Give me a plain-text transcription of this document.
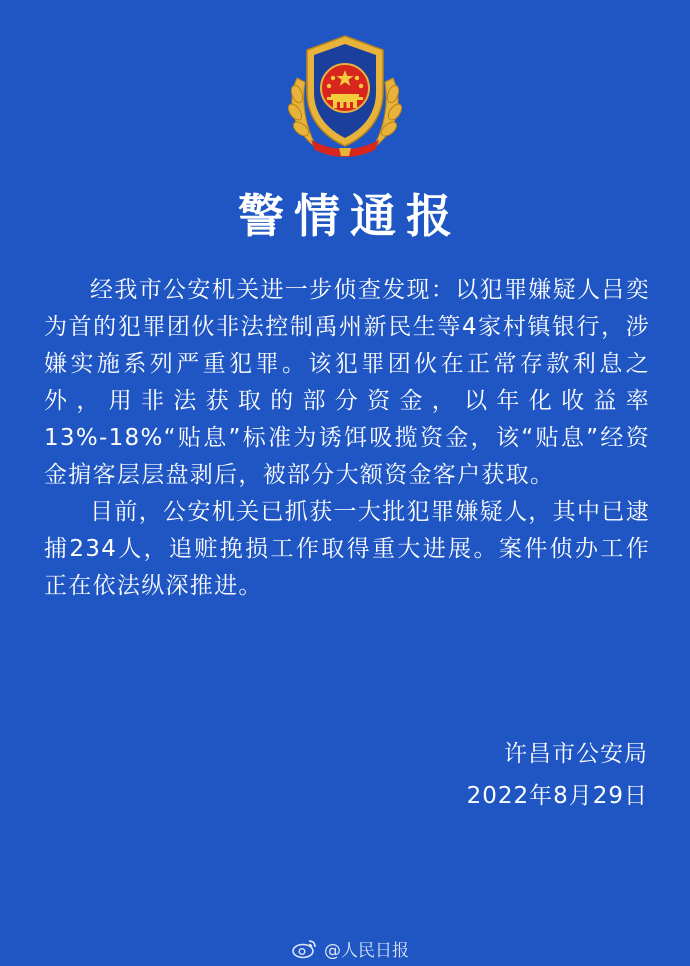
警情通报

经我市公安机关进一步侦查发现：以犯罪嫌疑人吕奕为首的犯罪团伙非法控制禹州新民生等4家村镇银行，涉嫌实施系列严重犯罪。该犯罪团伙在正常存款利息之外，用非法获取的部分资金，以年化收益率13%-18%“贴息”标准为诱饵吸揽资金，该“贴息”经资金掮客层层盘剥后，被部分大额资金客户获取。

目前，公安机关已抓获一大批犯罪嫌疑人，其中已逮捕234人，追赃挽损工作取得重大进展。案件侦办工作正在依法纵深推进。

许昌市公安局
2022年8月29日
@人民日报
